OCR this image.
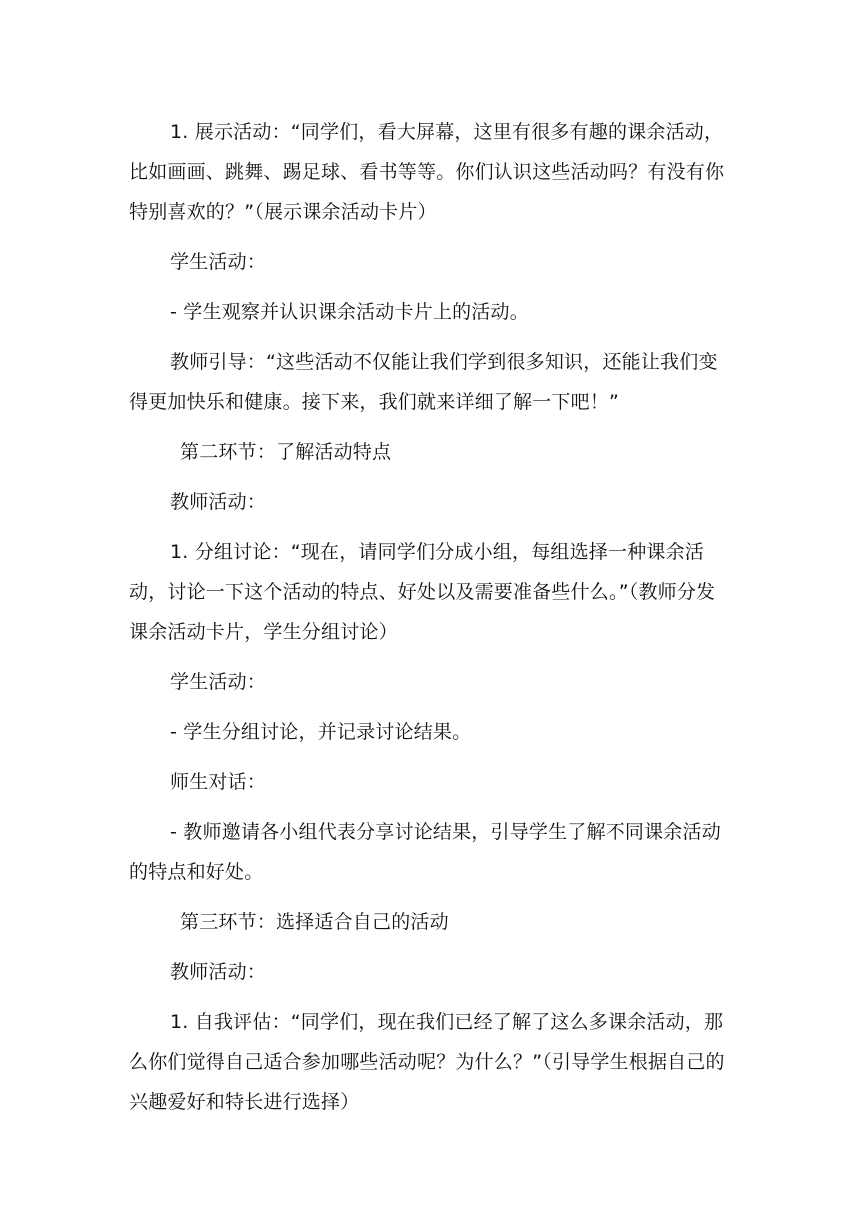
1. 展示活动：“同学们，看大屏幕，这里有很多有趣的课余活动，比如画画、跳舞、踢足球、看书等等。你们认识这些活动吗？有没有你特别喜欢的？”（展示课余活动卡片）

学生活动：

- 学生观察并认识课余活动卡片上的活动。

教师引导：“这些活动不仅能让我们学到很多知识，还能让我们变得更加快乐和健康。接下来，我们就来详细了解一下吧！”

第二环节：了解活动特点

教师活动：

1. 分组讨论：“现在，请同学们分成小组，每组选择一种课余活动，讨论一下这个活动的特点、好处以及需要准备些什么。”（教师分发课余活动卡片，学生分组讨论）

学生活动：

- 学生分组讨论，并记录讨论结果。

师生对话：

- 教师邀请各小组代表分享讨论结果，引导学生了解不同课余活动的特点和好处。

第三环节：选择适合自己的活动

教师活动：

1. 自我评估：“同学们，现在我们已经了解了这么多课余活动，那么你们觉得自己适合参加哪些活动呢？为什么？”（引导学生根据自己的兴趣爱好和特长进行选择）
